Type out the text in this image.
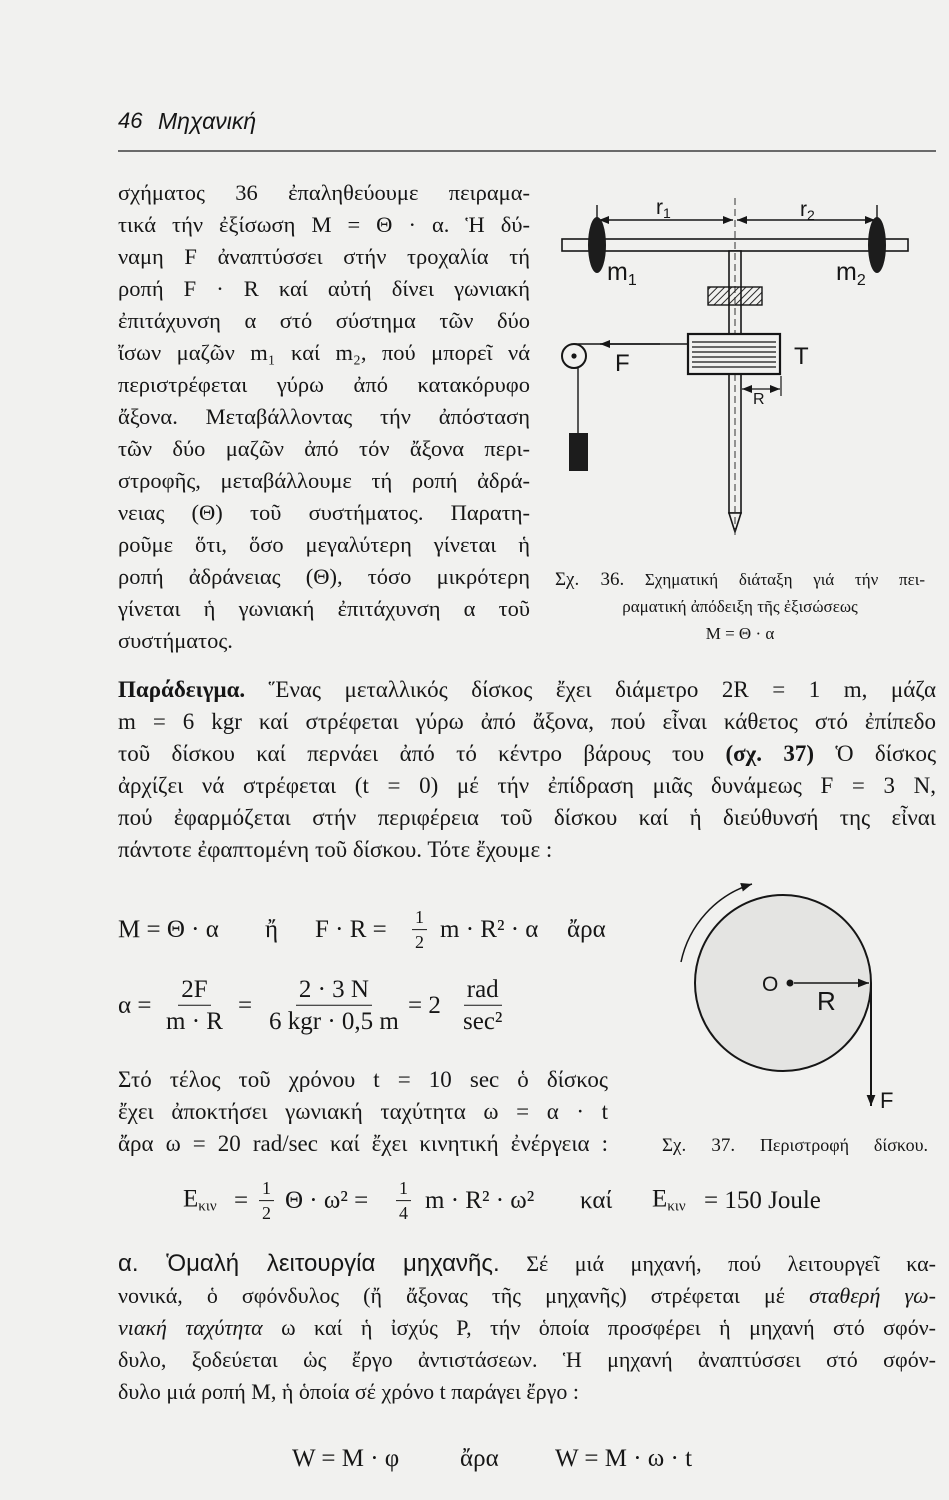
46 Μηχανική
σχήματος 36 ἐπαληθεύουμε πειραμα-
τικά τήν ἐξίσωση Μ = Θ · α. Ἡ δύ-
ναμη F ἀναπτύσσει στήν τροχαλία τή
ροπή F · R καί αὐτή δίνει γωνιακή
ἐπιτάχυνση α στό σύστημα τῶν δύο
ἴσων μαζῶν m₁ καί m₂, πού μπορεῖ νά
περιστρέφεται γύρω ἀπό κατακόρυφο
ἄξονα. Μεταβάλλοντας τήν ἀπόσταση
τῶν δύο μαζῶν ἀπό τόν ἄξονα περι-
στροφῆς, μεταβάλλουμε τή ροπή ἀδρά-
νειας (Θ) τοῦ συστήματος. Παρατη-
ροῦμε ὅτι, ὅσο μεγαλύτερη γίνεται ἡ
ροπή ἀδράνειας (Θ), τόσο μικρότερη
γίνεται ἡ γωνιακή ἐπιτάχυνση α τοῦ
συστήματος.
r1	r2
$m_1$	$m_2$
F	T
R
Σχ. 36. Σχηματική διάταξη γιά τήν πει-
ραματική ἀπόδειξη τῆς ἐξισώσεως
Μ = Θ · α
Παράδειγμα. Ἕνας μεταλλικός δίσκος ἔχει διάμετρο 2R = 1 m, μάζα
m = 6 kgr καί στρέφεται γύρω ἀπό ἄξονα, πού εἶναι κάθετος στό ἐπίπεδο
τοῦ δίσκου καί περνάει ἀπό τό κέντρο βάρους του (σχ. 37) Ὁ δίσκος
ἀρχίζει νά στρέφεται (t = 0) μέ τήν ἐπίδραση μιᾶς δυνάμεως F = 3 N,
πού ἐφαρμόζεται στήν περιφέρεια τοῦ δίσκου καί ἡ διεύθυνσή της εἶναι
πάντοτε ἐφαπτομένη τοῦ δίσκου. Τότε ἔχουμε :
Μ = Θ · α ἤ $F \cdot R = \frac{1}{2}$ m · R² · α ἄρα
$\alpha = \frac{2F}{m \cdot R} = \frac{2 \cdot 3 N}{\text{6 kgr · 0,5 m}} = 2 \frac{\text{rad}}{\text{sec²}}$
Στό τέλος τοῦ χρόνου t = 10 sec ὁ δίσκος
ἔχει ἀποκτήσει γωνιακή ταχύτητα ω = α · t
ἄρα ω = 20 rad/sec καί ἔχει κινητική ἐνέργεια :
$E_{\kappa\iota\nu} = \frac{1}{2}$ $\Theta \cdot \omega^2 = \frac{1}{4}$ m · R² · ω² καί $E_{\kappa\iota\nu} = 150$ Joule
O
R
F
Σχ. 37. Περιστροφή δίσκου.
α. Ὁμαλή λειτουργία μηχανῆς. Σέ μιά μηχανή, πού λειτουργεῖ κα-
νονικά, ὁ σφόνδυλος (ἤ ἄξονας τῆς μηχανῆς) στρέφεται μέ σταθερή γω-
νιακή ταχύτητα ω καί ἡ ἰσχύς P, τήν ὁποία προσφέρει ἡ μηχανή στό σφόν-
δυλο, ξοδεύεται ὡς ἔργο ἀντιστάσεων. Ἡ μηχανή ἀναπτύσσει στό σφόν-
δυλο μιά ροπή M, ἡ ὁποία σέ χρόνο t παράγει ἔργο :
W = M · φ ἄρα W = M · ω · t
